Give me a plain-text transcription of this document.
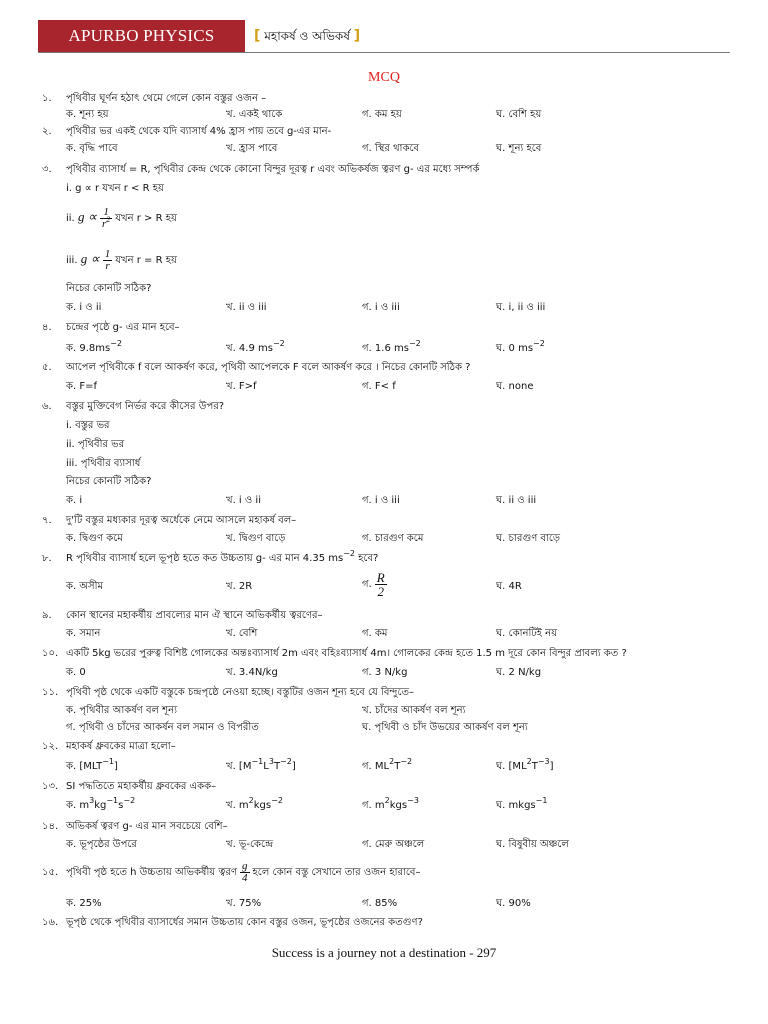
APURBO PHYSICS	[ মহাকর্ষ ও অভিকর্ষ ]
MCQ
১. পৃথিবীর ঘূর্ণন হঠাৎ থেমে গেলে কোন বস্তুর ওজন –
ক. শূন্য হয়	খ. একই থাকে	গ. কম হয়	ঘ. বেশি হয়
২. পৃথিবীর ভর একই থেকে যদি ব্যাসার্ধ 4% হ্রাস পায় তবে g-এর মান-
ক. বৃদ্ধি পাবে	খ. হ্রাস পাবে	গ. স্থির থাকবে	ঘ. শূন্য হবে
৩. পৃথিবীর ব্যাসার্ধ = R, পৃথিবীর কেন্দ্র থেকে কোনো বিন্দুর দূরত্ব r এবং অভিকর্ষজ ত্বরণ g- এর মধ্যে সম্পর্ক
i. g ∝ r যখন r < R হয়
ii. $g \propto \frac{1}{r^2}$ যখন r > R হয়
iii. $g \propto \frac{1}{r}$ যখন r = R হয়
নিচের কোনটি সঠিক?
ক. i ও ii	খ. ii ও iii	গ. i ও iii	ঘ. i, ii ও iii
৪. চন্দ্রের পৃষ্ঠে g- এর মান হবে–
ক. $9.8ms^{-2}$	খ. 4.9 $ms^{-2}$	গ. 1.6 $ms^{-2}$	ঘ. 0 $ms^{-2}$
৫. আপেল পৃথিবীকে f বলে আকর্ষণ করে, পৃথিবী আপেলকে F বলে আকর্ষণ করে । নিচের কোনটি সঠিক ?
ক. F=f	খ. F>f	গ. F< f	ঘ. none
৬. বস্তুর মুক্তিবেগ নির্ভর করে কীসের উপর?
i. বস্তুর ভর
ii. পৃথিবীর ভর
iii. পৃথিবীর ব্যাসার্ধ
নিচের কোনটি সঠিক?
ক. i	খ. i ও ii	গ. i ও iii	ঘ. ii ও iii
৭. দু'টি বস্তুর মধ্যকার দূরত্ব অর্ধেকে নেমে আসলে মহাকর্ষ বল–
ক. দ্বিগুণ কমে	খ. দ্বিগুণ বাড়ে	গ. চারগুণ কমে	ঘ. চারগুণ বাড়ে
৮. R পৃথিবীর ব্যাসার্ধ হলে ভূপৃষ্ঠ হতে কত উচ্চতায় g- এর মান 4.35 $ms^{-2}$ হবে?
ক. অসীম	খ. 2R	গ. $\frac{R}{2}$	ঘ. 4R
৯. কোন স্থানের মহাকর্ষীয় প্রাবল্যের মান ঐ স্থানে অভিকর্ষীয় ত্বরণের–
ক. সমান	খ. বেশি	গ. কম	ঘ. কোনটিই নয়
১০. একটি 5kg ভরের পুরুত্ব বিশিষ্ট গোলকের অন্তঃব্যাসার্ধ 2m এবং বহিঃব্যাসার্ধ 4m। গোলকের কেন্দ্র হতে 1.5 m দূরে কোন বিন্দুর প্রাবল্য কত ?
ক. 0	খ. 3.4N/kg	গ. 3 N/kg	ঘ. 2 N/kg
১১. পৃথিবী পৃষ্ঠ থেকে একটি বস্তুকে চন্দ্রপৃষ্ঠে নেওয়া হচ্ছে। বস্তুটির ওজন শূন্য হবে যে বিন্দুতে–
ক. পৃথিবীর আকর্ষণ বল শূন্য	খ. চাঁদের আকর্ষণ বল শূন্য
গ. পৃথিবী ও চাঁদের আকর্ষন বল সমান ও বিপরীত	ঘ. পৃথিবী ও চাঁদ উভয়ের আকর্ষণ বল শূন্য
১২. মহাকর্ষ ধ্রুবকের মাত্রা হলো–
ক. $[MLT^{-1}]$	খ. $[M^{-1}L^3T^{-2}]$	গ. $ML^2T^{-2}$	ঘ. $[ML^2T^{-3}]$
১৩. SI পদ্ধতিতে মহাকর্ষীয় ধ্রুবকের একক–
ক. $m^3kg^{-1}s^{-2}$	খ. $m^2kgs^{-2}$	গ. $m^2kgs^{-3}$	ঘ. mkgs$^{-1}$
১৪. অভিকর্ষ ত্বরণ g- এর মান সবচেয়ে বেশি–
ক. ভূপৃষ্ঠের উপরে	খ. ভূ-কেন্দ্রে	গ. মেরু অঞ্চলে	ঘ. বিষুবীয় অঞ্চলে
১৫. পৃথিবী পৃষ্ঠ হতে h উচ্চতায় অভিকর্ষীয় ত্বরণ $\frac{g}{4}$ হলে কোন বস্তু সেখানে তার ওজন হারাবে–
ক. 25%	খ. 75%	গ. 85%	ঘ. 90%
১৬. ভূপৃষ্ঠ থেকে পৃথিবীর ব্যাসার্ধের সমান উচ্চতায় কোন বস্তুর ওজন, ভূপৃষ্ঠের ওজনের কতগুণ?
Success is a journey not a destination - 297
